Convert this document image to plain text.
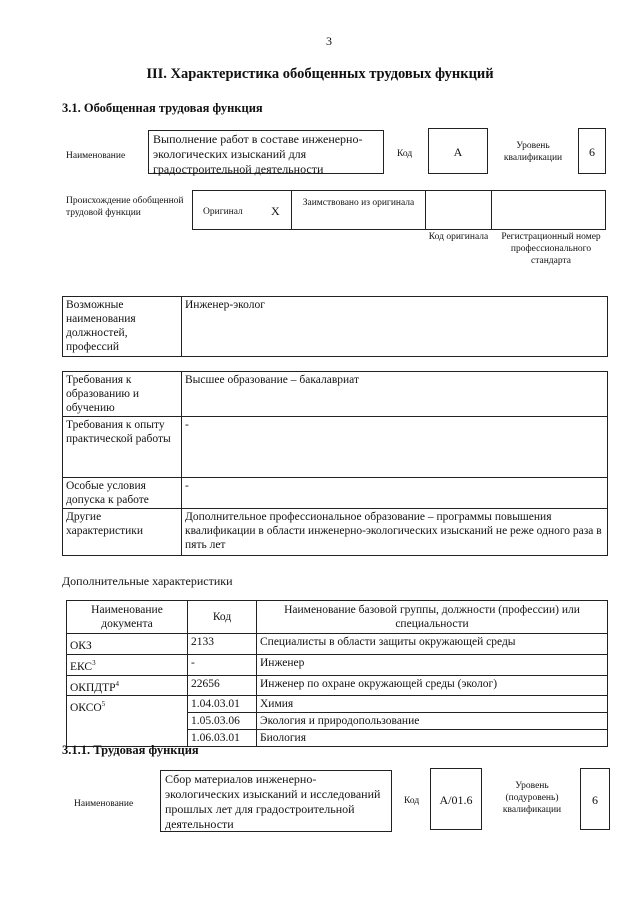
3
III. Характеристика обобщенных трудовых функций
3.1. Обобщенная трудовая функция
Наименование
Выполнение работ в составе инженерно-экологических изысканий для градостроительной деятельности
Код	А	Уровень квалификации	6
Происхождение обобщенной трудовой функции	Оригинал Х
Заимствовано из оригинала
Код оригинала	Регистрационный номер профессионального стандарта
Возможные наименования должностей, профессий	Инженер-эколог
Требования к образованию и обучению	Высшее образование – бакалавриат
Требования к опыту практической работы	-
Особые условия допуска к работе	-
Другие характеристики	Дополнительное профессиональное образование – программы повышения квалификации в области инженерно-экологических изысканий не реже одного раза в пять лет
Дополнительные характеристики
Наименование документа	Код	Наименование базовой группы, должности (профессии) или специальности
ОКЗ	2133	Специалисты в области защиты окружающей среды
ЕКС$^3$	-	Инженер
ОКПДТР$^4$	22656	Инженер по охране окружающей среды (эколог)
ОКСО$^5$	1.04.03.01	Химия
	1.05.03.06	Экология и природопользование
	1.06.03.01	Биология
3.1.1. Трудовая функция
Наименование
Сбор материалов инженерно-экологических изысканий и исследований прошлых лет для градостроительной деятельности
Код	А/01.6
Уровень (подуровень) квалификации
6
